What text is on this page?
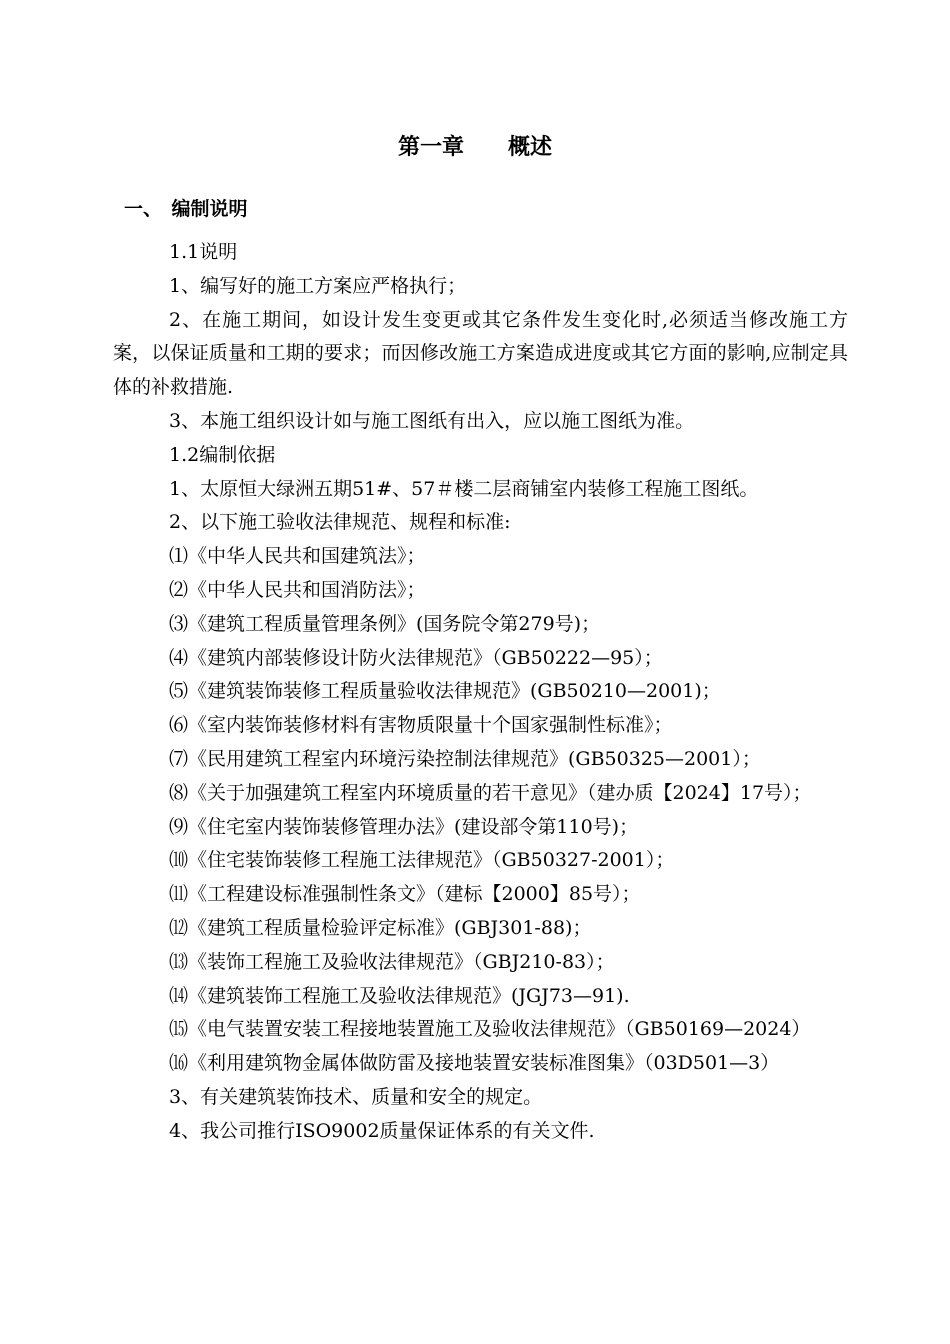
第一章　　概述
一、　编制说明

1.1说明

1、编写好的施工方案应严格执行；

2、在施工期间，如设计发生变更或其它条件发生变化时,必须适当修改施工方案，以保证质量和工期的要求；而因修改施工方案造成进度或其它方面的影响,应制定具体的补救措施.

3、本施工组织设计如与施工图纸有出入，应以施工图纸为准。

1.2编制依据

1、太原恒大绿洲五期51#、57＃楼二层商铺室内装修工程施工图纸。

2、以下施工验收法律规范、规程和标准:

⑴《中华人民共和国建筑法》；

⑵《中华人民共和国消防法》；

⑶《建筑工程质量管理条例》(国务院令第279号)；

⑷《建筑内部装修设计防火法律规范》（GB50222—95）；

⑸《建筑装饰装修工程质量验收法律规范》(GB50210—2001)；

⑹《室内装饰装修材料有害物质限量十个国家强制性标准》；

⑺《民用建筑工程室内环境污染控制法律规范》(GB50325—2001）；

⑻《关于加强建筑工程室内环境质量的若干意见》（建办质【2024】17号）；

⑼《住宅室内装饰装修管理办法》(建设部令第110号)；

⑽《住宅装饰装修工程施工法律规范》（GB50327-2001）；

⑾《工程建设标准强制性条文》（建标【2000】85号）；

⑿《建筑工程质量检验评定标准》(GBJ301-88)；

⒀《装饰工程施工及验收法律规范》（GBJ210-83）；

⒁《建筑装饰工程施工及验收法律规范》(JGJ73—91).

⒂《电气装置安装工程接地装置施工及验收法律规范》（GB50169—2024）

⒃《利用建筑物金属体做防雷及接地装置安装标准图集》（03D501—3）

3、有关建筑装饰技术、质量和安全的规定。

4、我公司推行ISO9002质量保证体系的有关文件.
